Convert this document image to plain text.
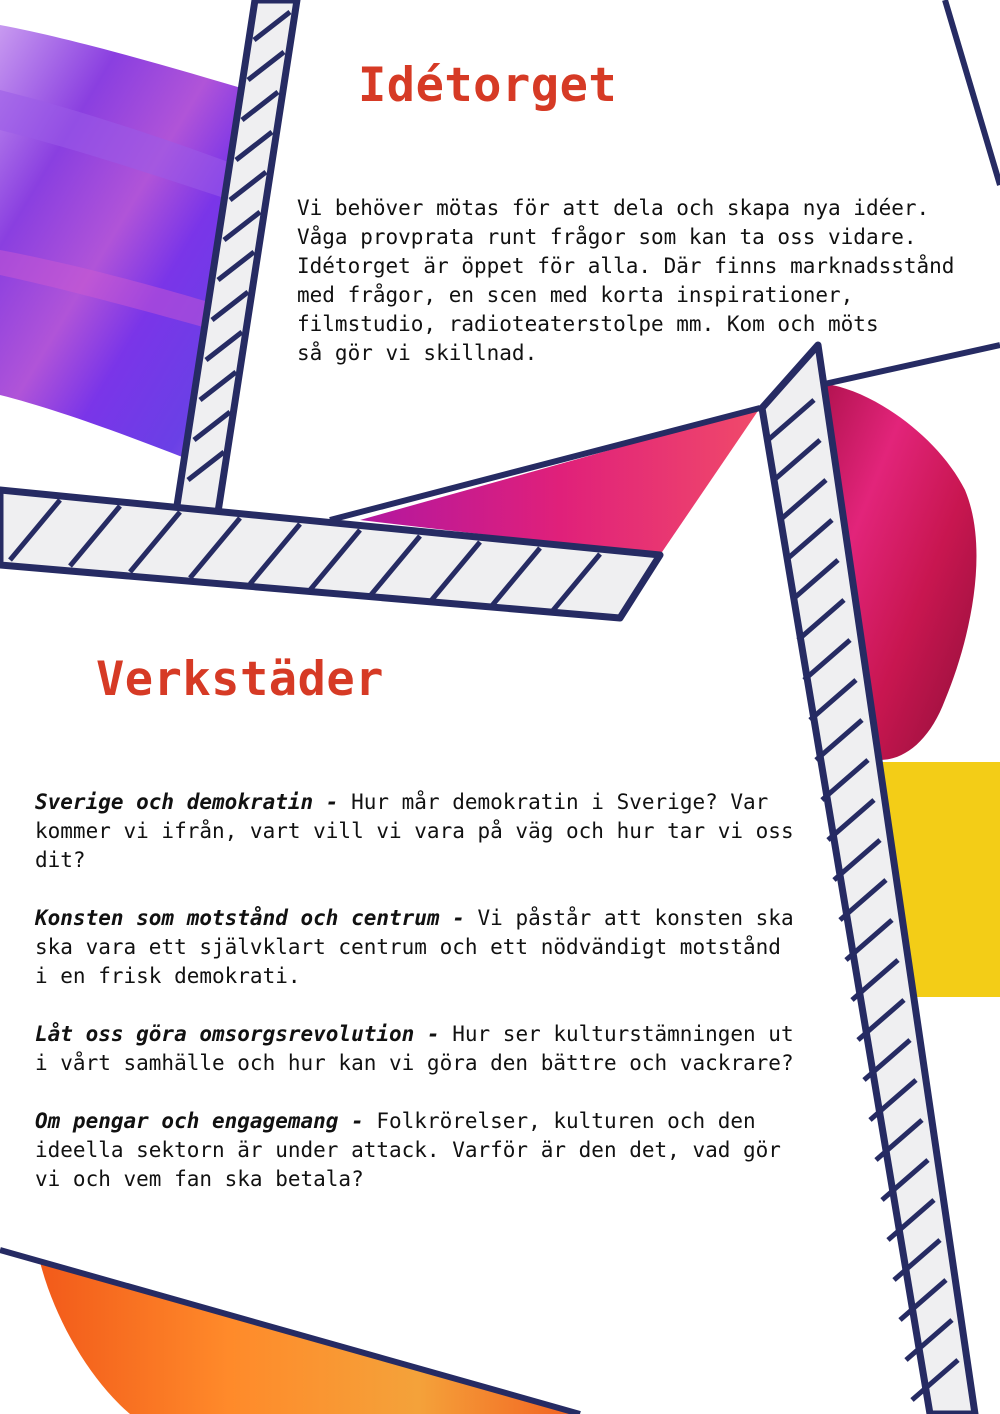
Idétorget

Vi behöver mötas för att dela och skapa nya idéer.
Våga provprata runt frågor som kan ta oss vidare.
Idétorget är öppet för alla. Där finns marknadsstånd
med frågor, en scen med korta inspirationer,
filmstudio, radioteaterstolpe mm. Kom och möts
så gör vi skillnad.

Verkstäder

Sverige och demokratin - Hur mår demokratin i Sverige? Var
kommer vi ifrån, vart vill vi vara på väg och hur tar vi oss
dit?

Konsten som motstånd och centrum - Vi påstår att konsten ska
ska vara ett självklart centrum och ett nödvändigt motstånd
i en frisk demokrati.

Låt oss göra omsorgsrevolution - Hur ser kulturstämningen ut
i vårt samhälle och hur kan vi göra den bättre och vackrare?

Om pengar och engagemang - Folkrörelser, kulturen och den
ideella sektorn är under attack. Varför är den det, vad gör
vi och vem fan ska betala?
